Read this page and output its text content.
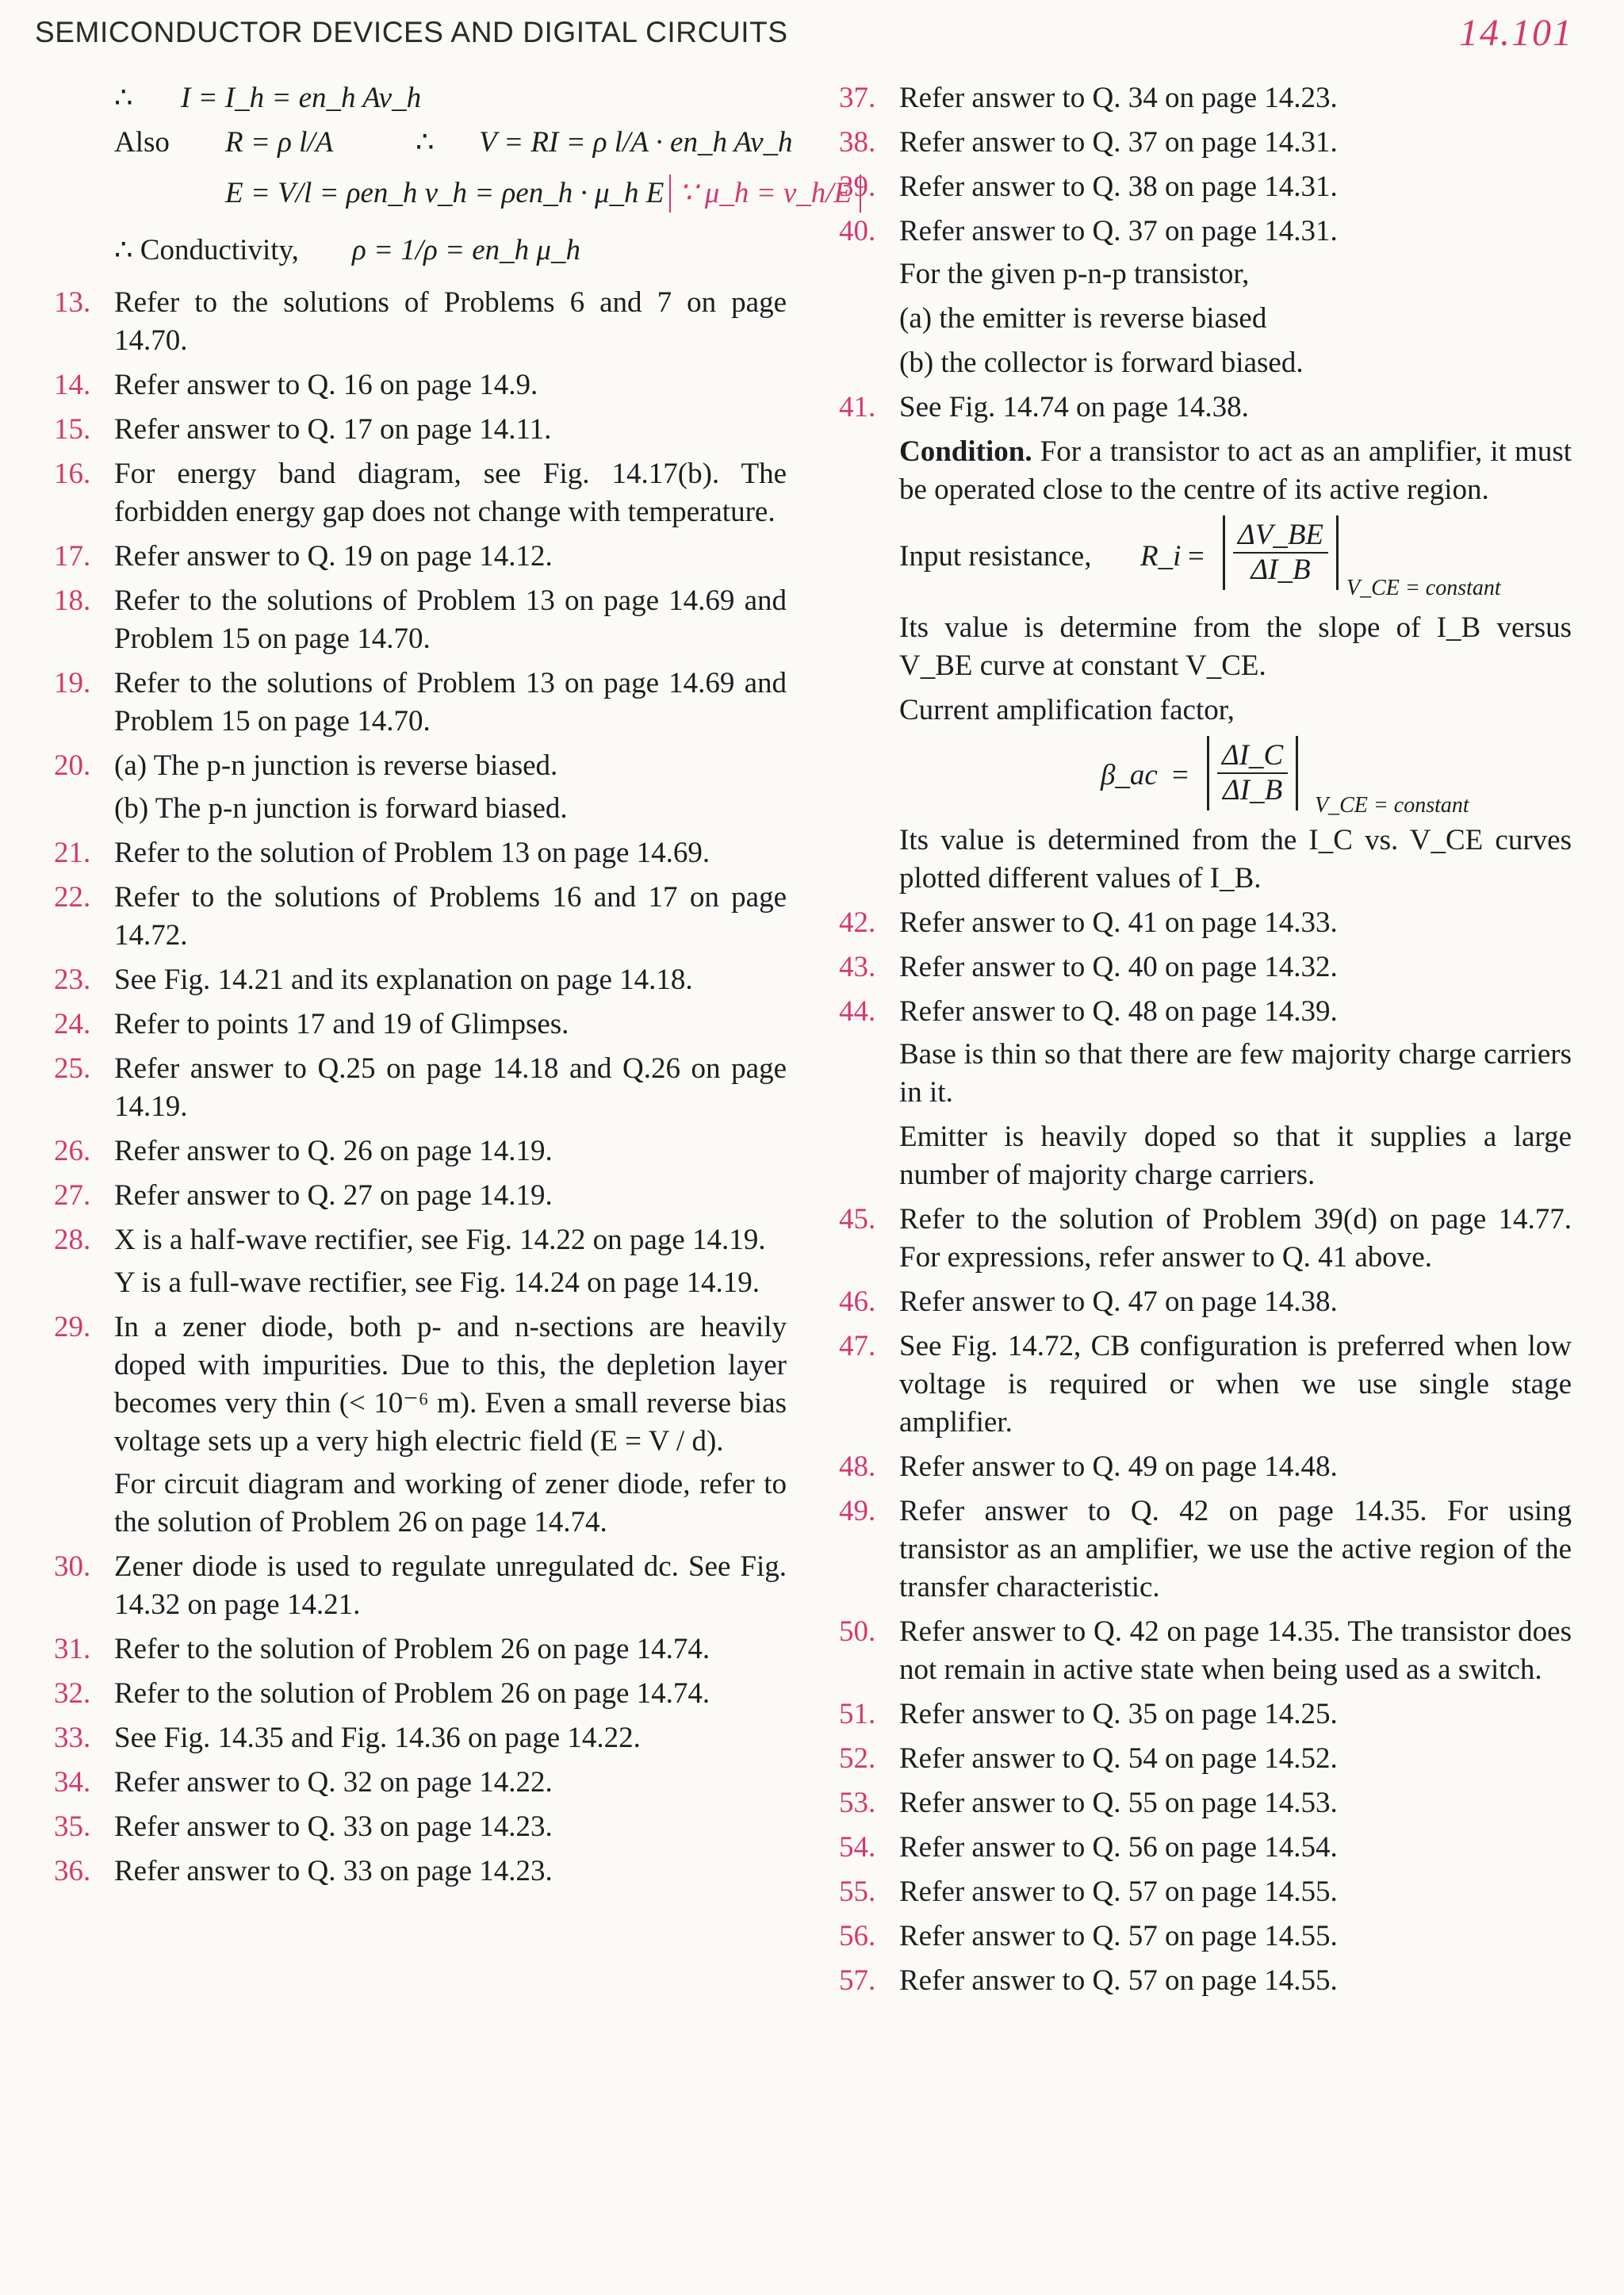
SEMICONDUCTOR DEVICES AND DIGITAL CIRCUITS	14.101
∴ I = I_h = en_h Av_h
Also R = ρ l/A	∴ V = RI = ρ l/A · en_h Av_h
E = V/l = ρen_h v_h = ρen_h · μ_h E ∵ μ_h = v_h/E
∴ Conductivity, ρ = 1/ρ = en_h μ_h
13. Refer to the solutions of Problems 6 and 7 on page 14.70.
14. Refer answer to Q. 16 on page 14.9.
15. Refer answer to Q. 17 on page 14.11.
16. For energy band diagram, see Fig. 14.17(b). The forbidden energy gap does not change with temperature.
17. Refer answer to Q. 19 on page 14.12.
18. Refer to the solutions of Problem 13 on page 14.69 and Problem 15 on page 14.70.
19. Refer to the solutions of Problem 13 on page 14.69 and Problem 15 on page 14.70.
20. (a) The p-n junction is reverse biased.
(b) The p-n junction is forward biased.
21. Refer to the solution of Problem 13 on page 14.69.
22. Refer to the solutions of Problems 16 and 17 on page 14.72.
23. See Fig. 14.21 and its explanation on page 14.18.
24. Refer to points 17 and 19 of Glimpses.
25. Refer answer to Q.25 on page 14.18 and Q.26 on page 14.19.
26. Refer answer to Q. 26 on page 14.19.
27. Refer answer to Q. 27 on page 14.19.
28. X is a half-wave rectifier, see Fig. 14.22 on page 14.19.
Y is a full-wave rectifier, see Fig. 14.24 on page 14.19.
29. In a zener diode, both p- and n-sections are heavily doped with impurities. Due to this, the depletion layer becomes very thin (< 10⁻⁶ m). Even a small reverse bias voltage sets up a very high electric field (E = V / d).
For circuit diagram and working of zener diode, refer to the solution of Problem 26 on page 14.74.
30. Zener diode is used to regulate unregulated dc. See Fig. 14.32 on page 14.21.
31. Refer to the solution of Problem 26 on page 14.74.
32. Refer to the solution of Problem 26 on page 14.74.
33. See Fig. 14.35 and Fig. 14.36 on page 14.22.
34. Refer answer to Q. 32 on page 14.22.
35. Refer answer to Q. 33 on page 14.23.
36. Refer answer to Q. 33 on page 14.23.
37. Refer answer to Q. 34 on page 14.23.
38. Refer answer to Q. 37 on page 14.31.
39. Refer answer to Q. 38 on page 14.31.
40. Refer answer to Q. 37 on page 14.31.
For the given p-n-p transistor,
(a) the emitter is reverse biased
(b) the collector is forward biased.
41. See Fig. 14.74 on page 14.38.
Condition. For a transistor to act as an amplifier, it must be operated close to the centre of its active region.
Input resistance, R_i = $\frac{\Delta V\_BE}{\Delta I\_B}$ V_CE = constant
Its value is determine from the slope of I_B versus V_BE curve at constant V_CE.
Current amplification factor,
β_ac = $\frac{\Delta I\_C}{\Delta I\_B}$ V_CE = constant
Its value is determined from the I_C vs. V_CE curves plotted different values of I_B.
42. Refer answer to Q. 41 on page 14.33.
43. Refer answer to Q. 40 on page 14.32.
44. Refer answer to Q. 48 on page 14.39.
Base is thin so that there are few majority charge carriers in it.
Emitter is heavily doped so that it supplies a large number of majority charge carriers.
45. Refer to the solution of Problem 39(d) on page 14.77. For expressions, refer answer to Q. 41 above.
46. Refer answer to Q. 47 on page 14.38.
47. See Fig. 14.72, CB configuration is preferred when low voltage is required or when we use single stage amplifier.
48. Refer answer to Q. 49 on page 14.48.
49. Refer answer to Q. 42 on page 14.35. For using transistor as an amplifier, we use the active region of the transfer characteristic.
50. Refer answer to Q. 42 on page 14.35. The transistor does not remain in active state when being used as a switch.
51. Refer answer to Q. 35 on page 14.25.
52. Refer answer to Q. 54 on page 14.52.
53. Refer answer to Q. 55 on page 14.53.
54. Refer answer to Q. 56 on page 14.54.
55. Refer answer to Q. 57 on page 14.55.
56. Refer answer to Q. 57 on page 14.55.
57. Refer answer to Q. 57 on page 14.55.
